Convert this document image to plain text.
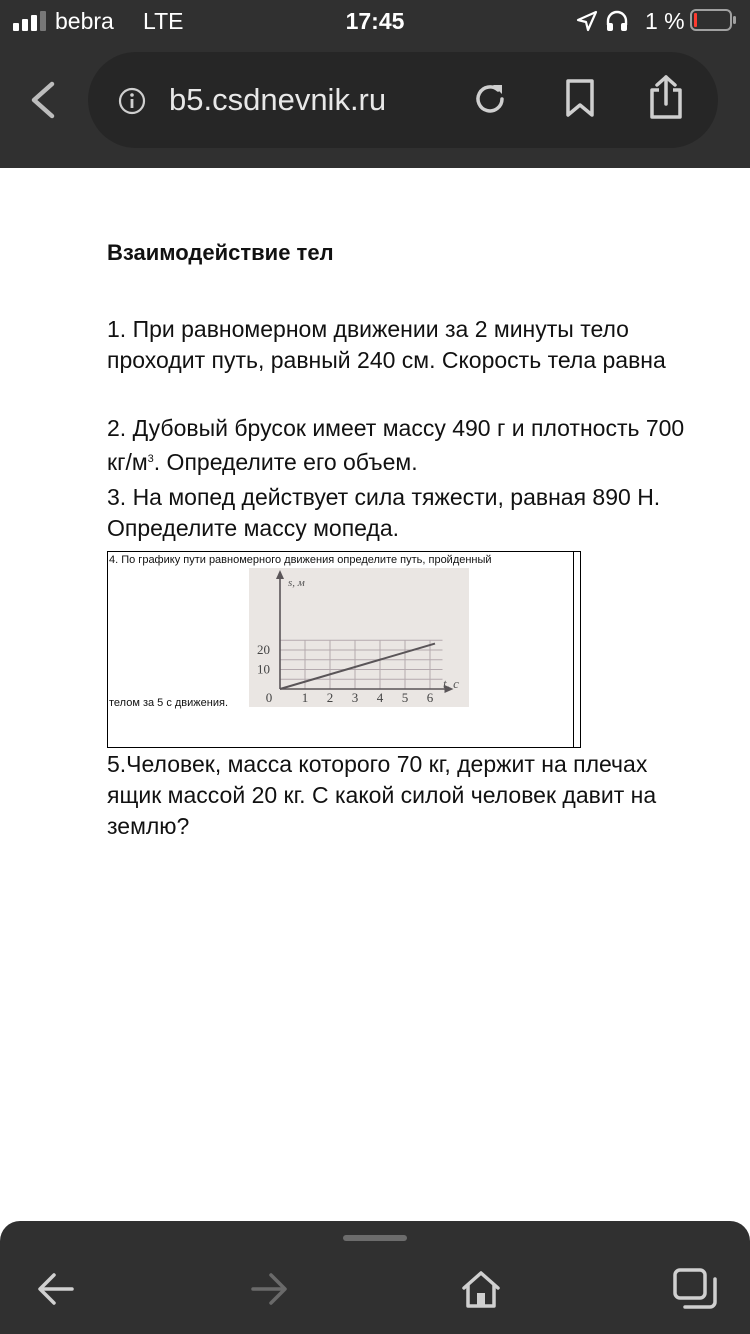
bebra LTE	17:45	1 %
b5.csdnevnik.ru
Взаимодействие тел
1. При равномерном движении за 2 минуты тело проходит путь, равный 240 см. Скорость тела равна
2. Дубовый брусок имеет массу 490 г и плотность 700 $кг/м^3$. Определите его объем.
3. На мопед действует сила тяжести, равная 890 Н. Определите массу мопеда.
4. По графику пути равномерного движения определите путь, пройденный
телом за 5 с движения.	0 1 2 3 4 5 6
10
20
s, м
t, с
5.Человек, масса которого 70 кг, держит на плечах ящик массой 20 кг. С какой силой человек давит на землю?
